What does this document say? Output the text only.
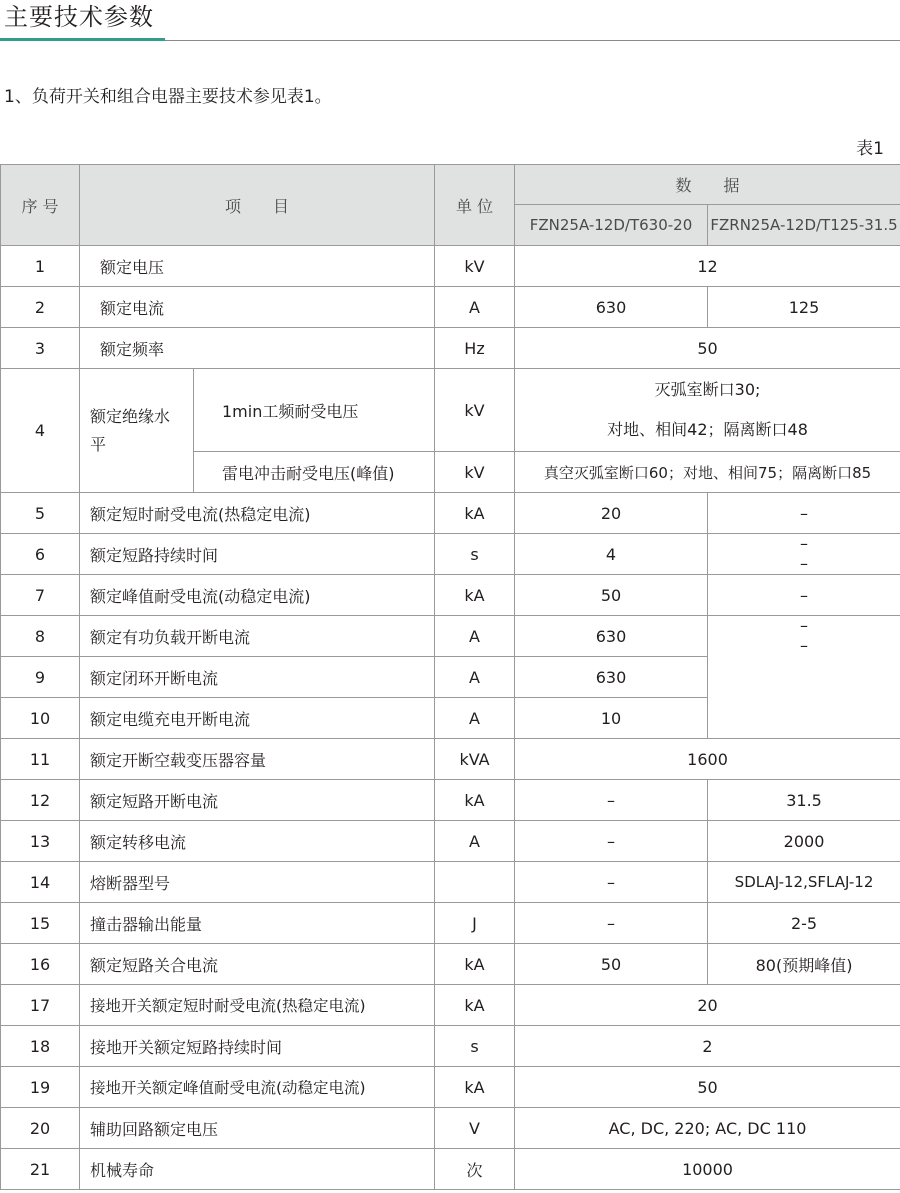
主要技术参数
1、负荷开关和组合电器主要技术参见表1。
表1
序 号	项　　目		单 位	数　　据	
				FZN25A-12D/T630-20	FZRN25A-12D/T125-31.5
1	额定电压		kV	12	
2	额定电流		A	630	125
3	额定频率		Hz	50	
4	额定绝缘水平	1min工频耐受电压	kV	灭弧室断口30;
对地、相间42；隔离断口48	

		雷电冲击耐受电压(峰值)	kV	真空灭弧室断口60；对地、相间75；隔离断口85	
5	额定短时耐受电流(热稳定电流)		kA	20	–
6	额定短路持续时间		s	4	–
–

7	额定峰值耐受电流(动稳定电流)		kA	50	–
8	额定有功负载开断电流		A	630	–
–

9	额定闭环开断电流		A	630	
10	额定电缆充电开断电流		A	10	
11	额定开断空载变压器容量		kVA	1600	
12	额定短路开断电流		kA	–	31.5
13	额定转移电流		A	–	2000
14	熔断器型号			–	SDLAJ-12,SFLAJ-12
15	撞击器输出能量		J	–	2-5
16	额定短路关合电流		kA	50	80(预期峰值)
17	接地开关额定短时耐受电流(热稳定电流)		kA	20	
18	接地开关额定短路持续时间		s	2	
19	接地开关额定峰值耐受电流(动稳定电流)		kA	50	
20	辅助回路额定电压		V	AC, DC, 220; AC, DC 110	
21	机械寿命		次	10000	
